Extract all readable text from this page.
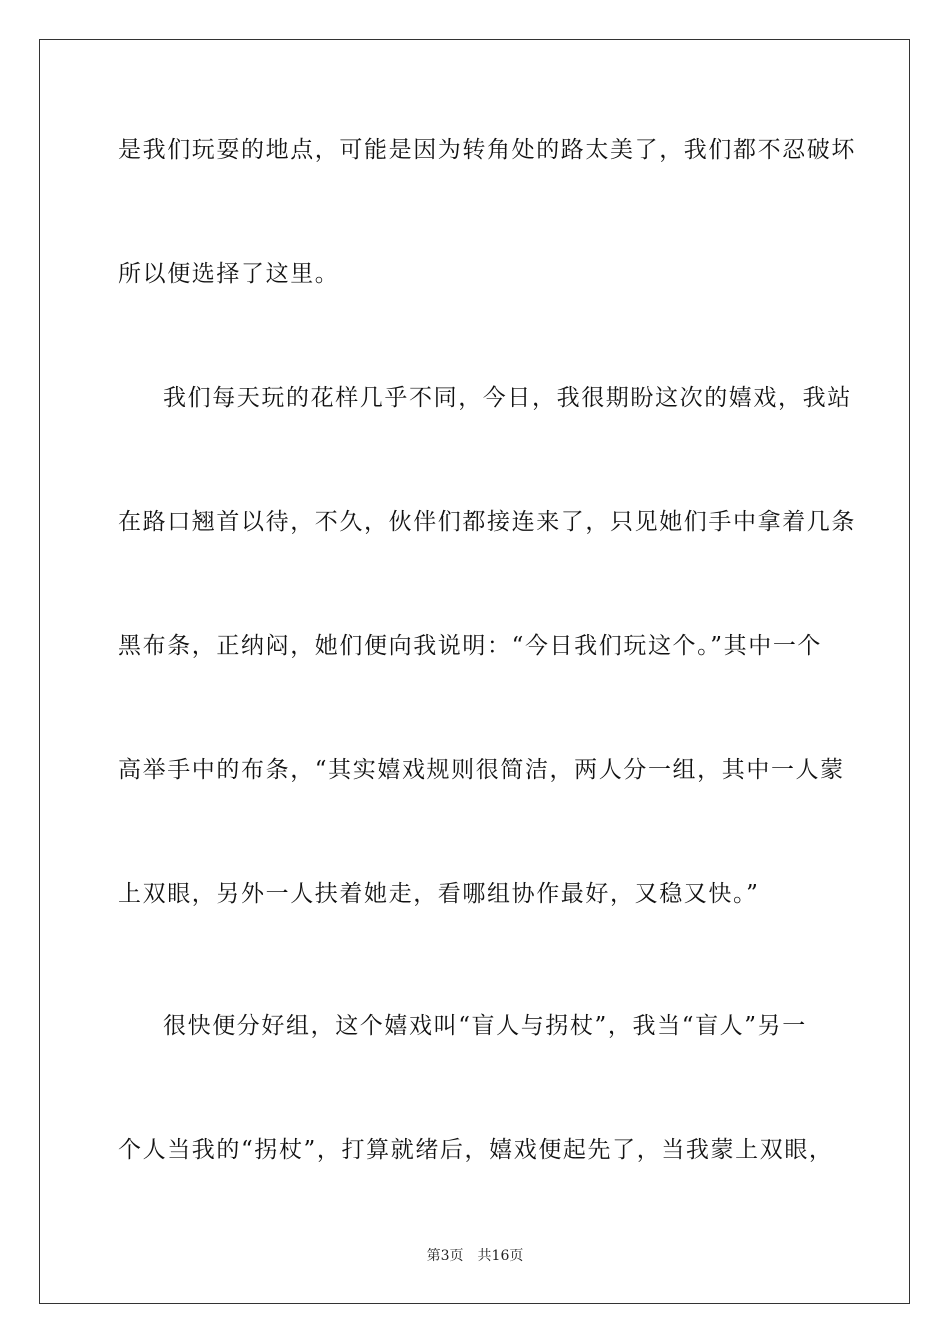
是我们玩耍的地点，可能是因为转角处的路太美了，我们都不忍破坏
所以便选择了这里。
我们每天玩的花样几乎不同，今日，我很期盼这次的嬉戏，我站
在路口翘首以待，不久，伙伴们都接连来了，只见她们手中拿着几条
黑布条，正纳闷，她们便向我说明：“今日我们玩这个。”其中一个
高举手中的布条，“其实嬉戏规则很简洁，两人分一组，其中一人蒙
上双眼，另外一人扶着她走，看哪组协作最好，又稳又快。”
很快便分好组，这个嬉戏叫“盲人与拐杖”，我当“盲人”另一
个人当我的“拐杖”，打算就绪后，嬉戏便起先了，当我蒙上双眼，
第3页 共16页
